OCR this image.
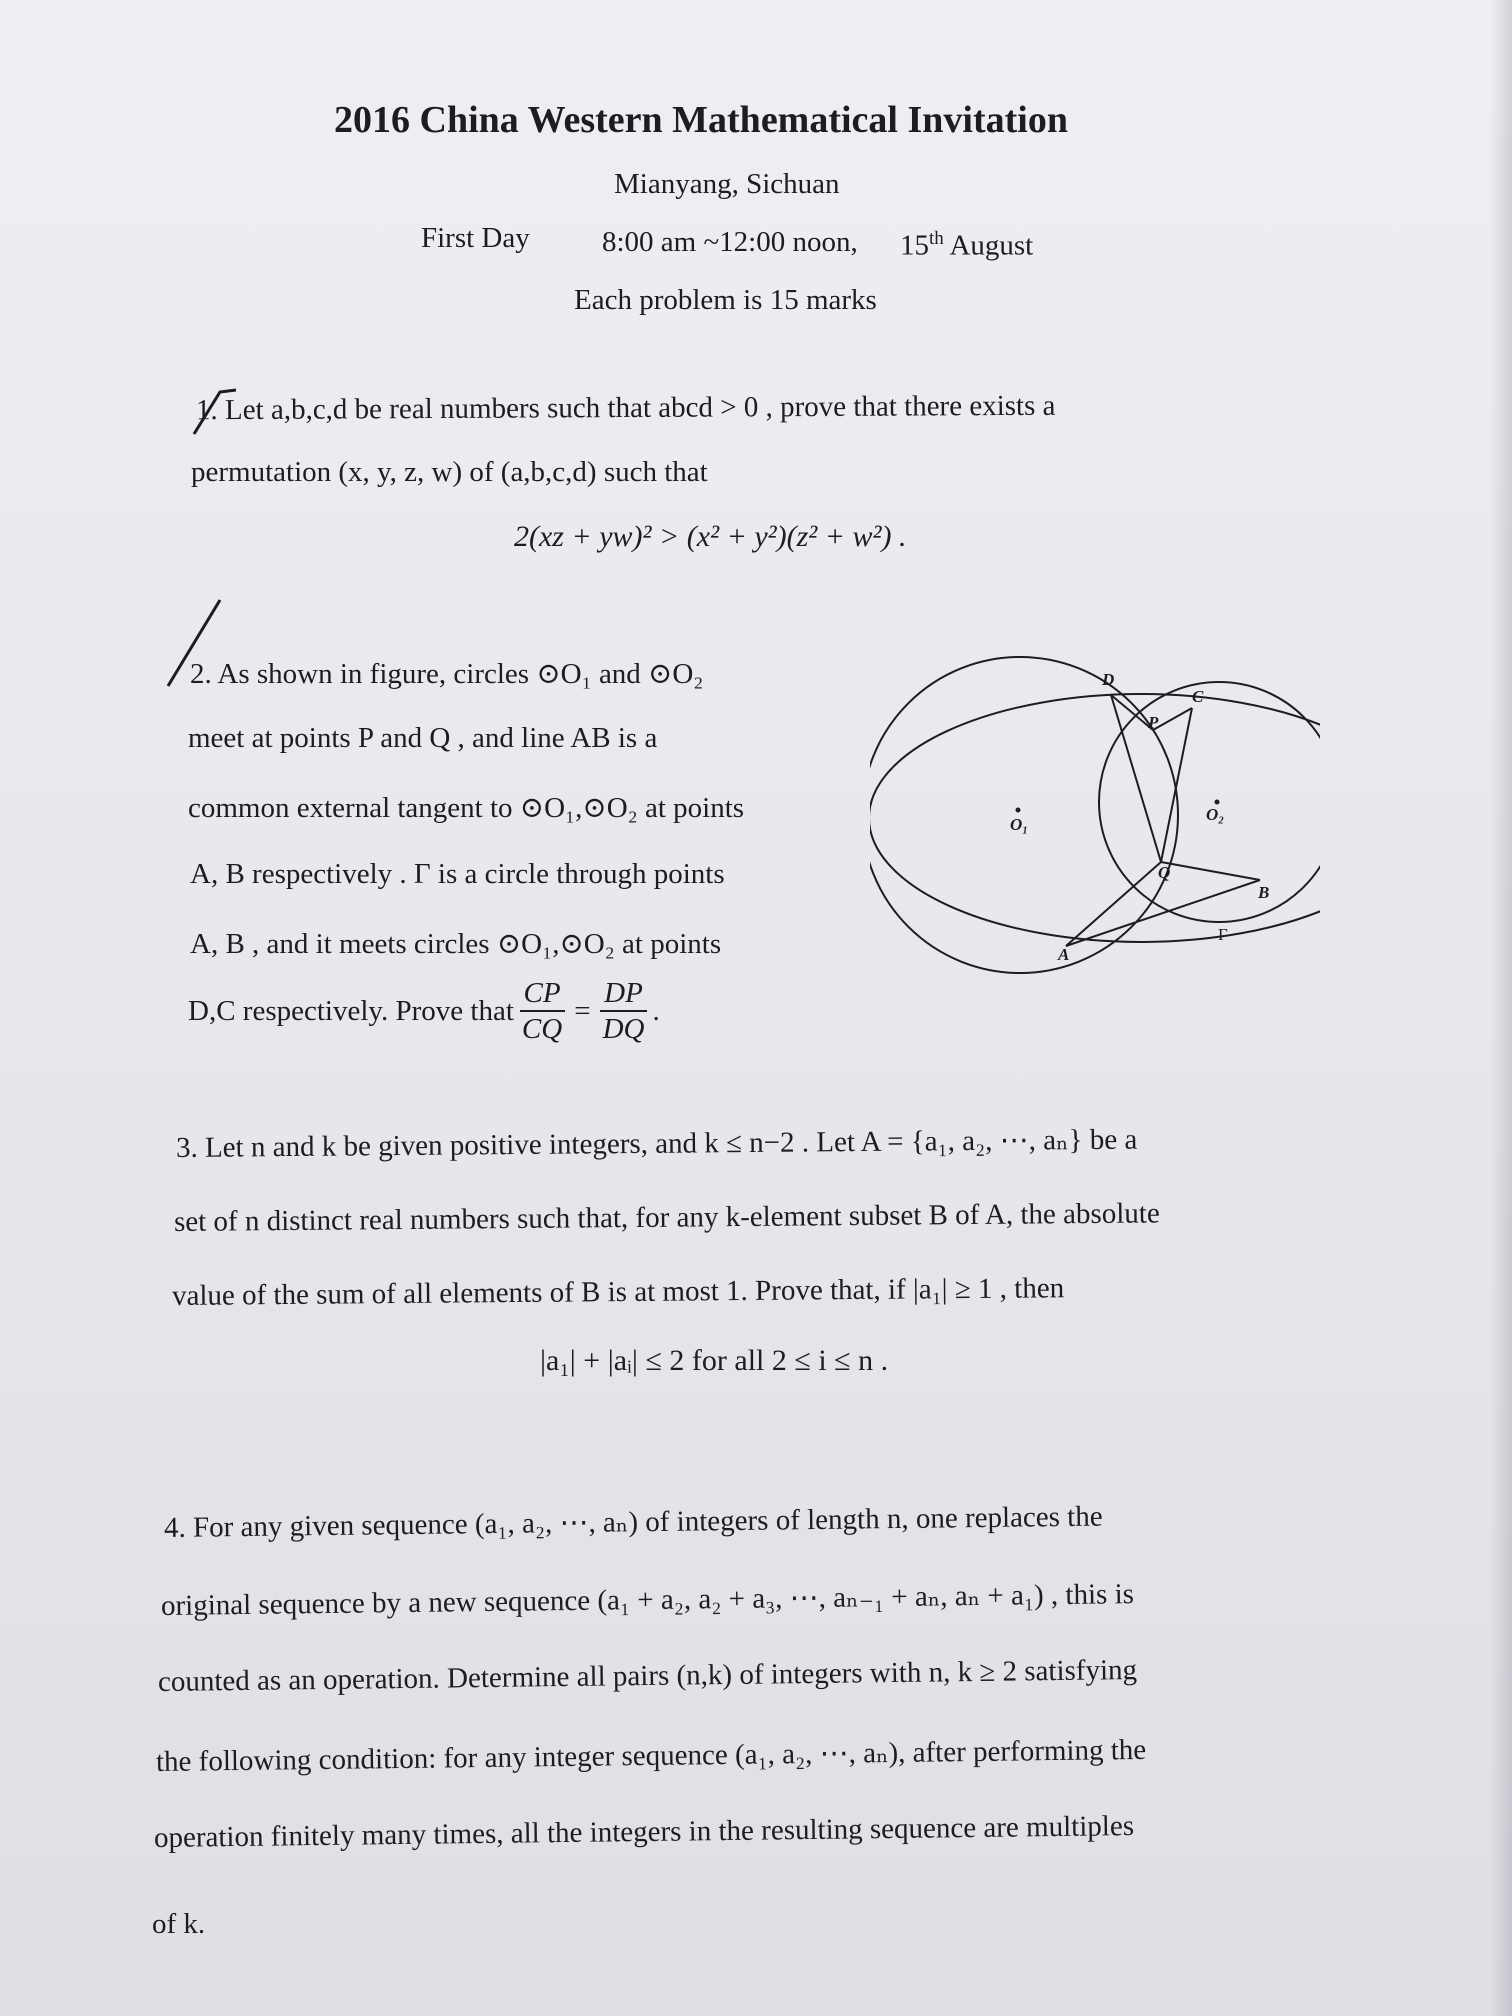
2016 China Western Mathematical Invitation
Mianyang, Sichuan
First Day 8:00 am ~12:00 noon, 15th August
Each problem is 15 marks
1. Let a,b,c,d be real numbers such that abcd > 0 , prove that there exists a
permutation (x, y, z, w) of (a,b,c,d) such that
2(xz + yw)² > (x² + y²)(z² + w²) .
2. As shown in figure, circles ⊙O₁ and ⊙O₂
meet at points P and Q , and line AB is a
common external tangent to ⊙O₁,⊙O₂ at points
A, B respectively . Γ is a circle through points
A, B , and it meets circles ⊙O₁,⊙O₂ at points
D,C respectively. Prove that $\frac{CP}{CQ} = \frac{DP}{DQ}$ .
D
C
P
O₁
O₂
Q
B
A
Γ
3. Let n and k be given positive integers, and k ≤ n−2 . Let A = {a₁, a₂, ⋯, aₙ} be a
set of n distinct real numbers such that, for any k-element subset B of A, the absolute
value of the sum of all elements of B is at most 1. Prove that, if |a₁| ≥ 1 , then
|a₁| + |aᵢ| ≤ 2 for all 2 ≤ i ≤ n .
4. For any given sequence (a₁, a₂, ⋯, aₙ) of integers of length n, one replaces the
original sequence by a new sequence (a₁ + a₂, a₂ + a₃, ⋯, aₙ₋₁ + aₙ, aₙ + a₁) , this is
counted as an operation. Determine all pairs (n,k) of integers with n, k ≥ 2 satisfying
the following condition: for any integer sequence (a₁, a₂, ⋯, aₙ), after performing the
operation finitely many times, all the integers in the resulting sequence are multiples
of k.
